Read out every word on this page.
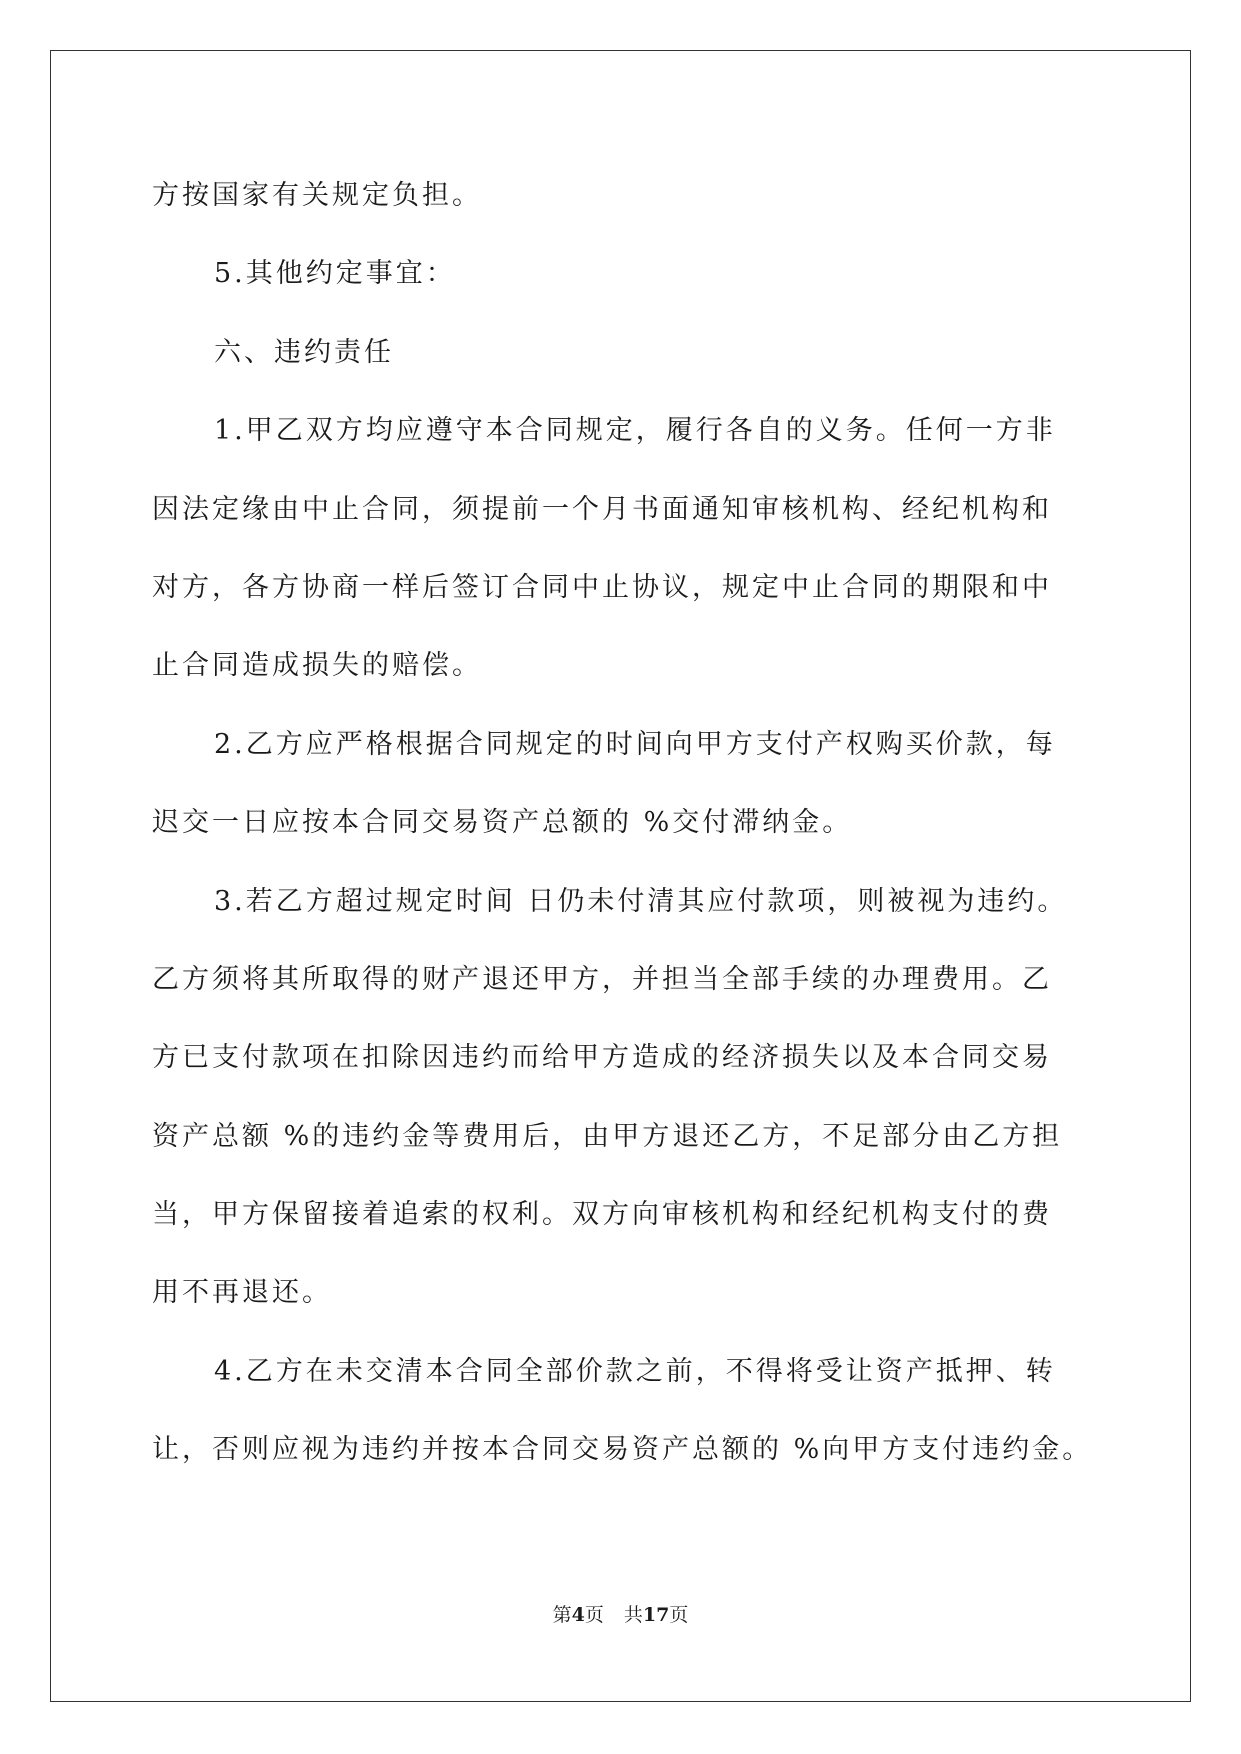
方按国家有关规定负担。
5.其他约定事宜：
六、违约责任
1.甲乙双方均应遵守本合同规定，履行各自的义务。任何一方非
因法定缘由中止合同，须提前一个月书面通知审核机构、经纪机构和
对方，各方协商一样后签订合同中止协议，规定中止合同的期限和中
止合同造成损失的赔偿。
2.乙方应严格根据合同规定的时间向甲方支付产权购买价款，每
迟交一日应按本合同交易资产总额的 %交付滞纳金。
3.若乙方超过规定时间 日仍未付清其应付款项，则被视为违约。
乙方须将其所取得的财产退还甲方，并担当全部手续的办理费用。乙
方已支付款项在扣除因违约而给甲方造成的经济损失以及本合同交易
资产总额 %的违约金等费用后，由甲方退还乙方，不足部分由乙方担
当，甲方保留接着追索的权利。双方向审核机构和经纪机构支付的费
用不再退还。
4.乙方在未交清本合同全部价款之前，不得将受让资产抵押、转
让，否则应视为违约并按本合同交易资产总额的 %向甲方支付违约金。
第4页 共17页
